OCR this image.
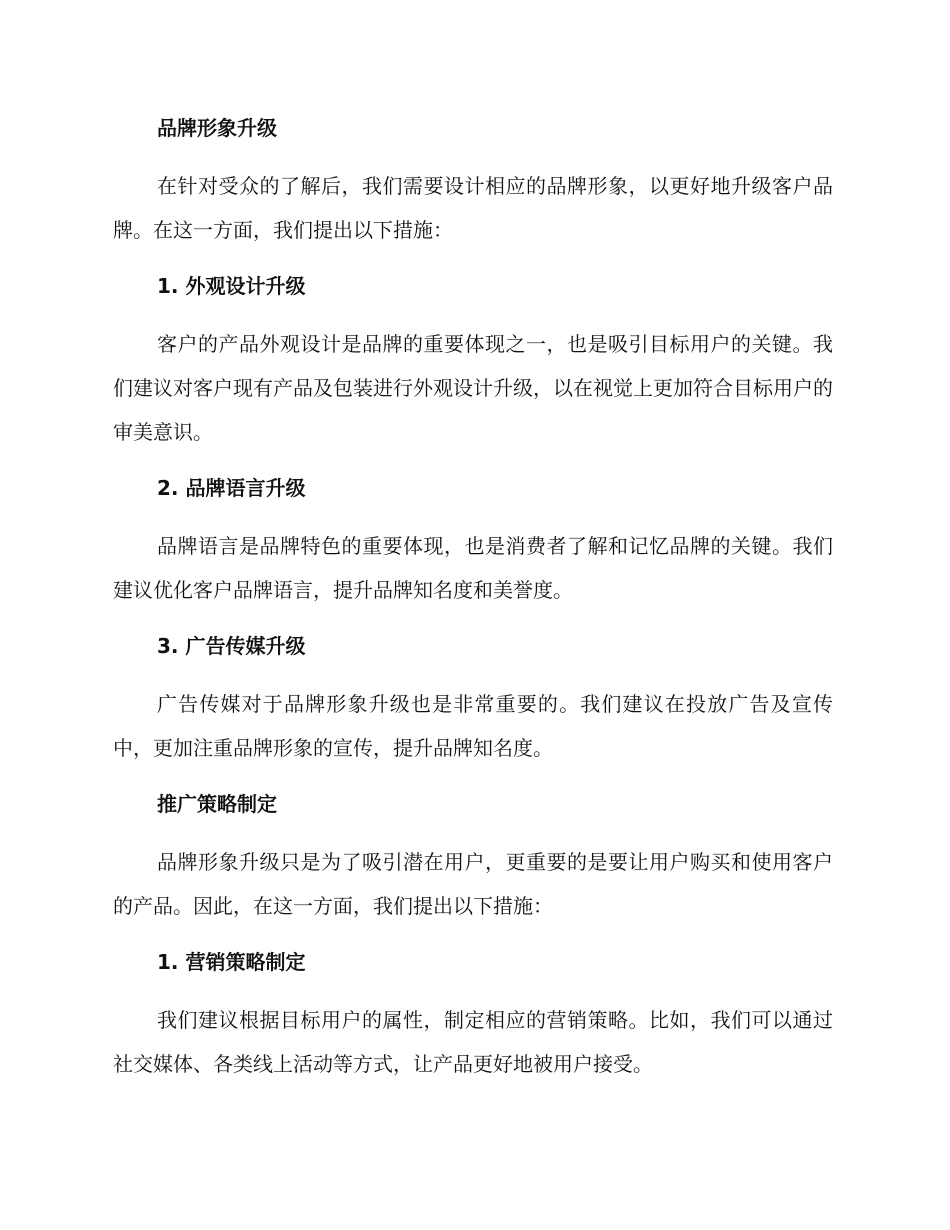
品牌形象升级

在针对受众的了解后，我们需要设计相应的品牌形象，以更好地升级客户品牌。在这一方面，我们提出以下措施：

1. 外观设计升级

客户的产品外观设计是品牌的重要体现之一，也是吸引目标用户的关键。我们建议对客户现有产品及包装进行外观设计升级，以在视觉上更加符合目标用户的审美意识。

2. 品牌语言升级

品牌语言是品牌特色的重要体现，也是消费者了解和记忆品牌的关键。我们建议优化客户品牌语言，提升品牌知名度和美誉度。

3. 广告传媒升级

广告传媒对于品牌形象升级也是非常重要的。我们建议在投放广告及宣传中，更加注重品牌形象的宣传，提升品牌知名度。

推广策略制定

品牌形象升级只是为了吸引潜在用户，更重要的是要让用户购买和使用客户的产品。因此，在这一方面，我们提出以下措施：

1. 营销策略制定

我们建议根据目标用户的属性，制定相应的营销策略。比如，我们可以通过社交媒体、各类线上活动等方式，让产品更好地被用户接受。
